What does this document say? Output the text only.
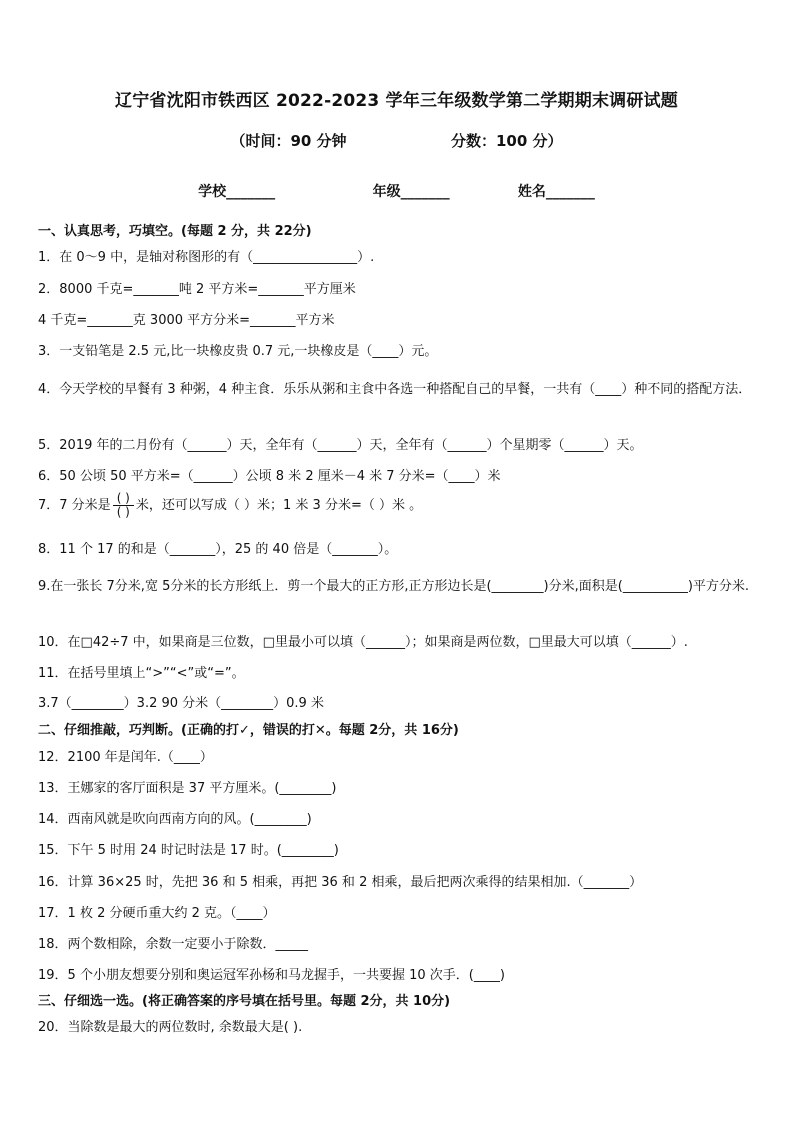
辽宁省沈阳市铁西区 2022-2023 学年三年级数学第二学期期末调研试题
（时间：90 分钟                    分数：100 分）
学校_______                    年级_______              姓名_______
一、认真思考，巧填空。(每题 2 分，共 22分)
1．在 0～9 中，是轴对称图形的有（________________）.
2．8000 千克=_______吨 2 平方米=_______平方厘米
4 千克=_______克 3000 平方分米=_______平方米
3．一支铅笔是 2.5 元,比一块橡皮贵 0.7 元,一块橡皮是（____）元。
4．今天学校的早餐有 3 种粥，4 种主食．乐乐从粥和主食中各选一种搭配自己的早餐，一共有（____）种不同的搭配方法．
5．2019 年的二月份有（______）天，全年有（______）天，全年有（______）个星期零（______）天。
6．50 公顷 50 平方米=（______）公顷 8 米 2 厘米－4 米 7 分米=（____）米
7．7 分米是 $\frac{( )}{( )}$ 米，还可以写成（ ）米；1 米 3 分米=（ ）米 。
8．11 个 17 的和是（_______），25 的 40 倍是（_______）。
9.在一张长 7分米,宽 5分米的长方形纸上．剪一个最大的正方形,正方形边长是(________)分米,面积是(__________)平方分米.
10．在□42÷7 中，如果商是三位数，□里最小可以填（______）；如果商是两位数，□里最大可以填（______）.
11．在括号里填上“>”“<”或“=”。
3.7（________）3.2 90 分米（________）0.9 米
二、仔细推敲，巧判断。(正确的打✓，错误的打✕。每题 2分，共 16分)
12．2100 年是闰年.（____）
13．王娜家的客厅面积是 37 平方厘米。(________)
14．西南风就是吹向西南方向的风。(________)
15．下午 5 时用 24 时记时法是 17 时。(________)
16．计算 36×25 时，先把 36 和 5 相乘，再把 36 和 2 相乘，最后把两次乘得的结果相加.（_______）
17．1 枚 2 分硬币重大约 2 克。（____）
18．两个数相除，余数一定要小于除数．_____
19．5 个小朋友想要分别和奥运冠军孙杨和马龙握手，一共要握 10 次手．(____)
三、仔细选一选。(将正确答案的序号填在括号里。每题 2分，共 10分)
20．当除数是最大的两位数时, 余数最大是( ).
